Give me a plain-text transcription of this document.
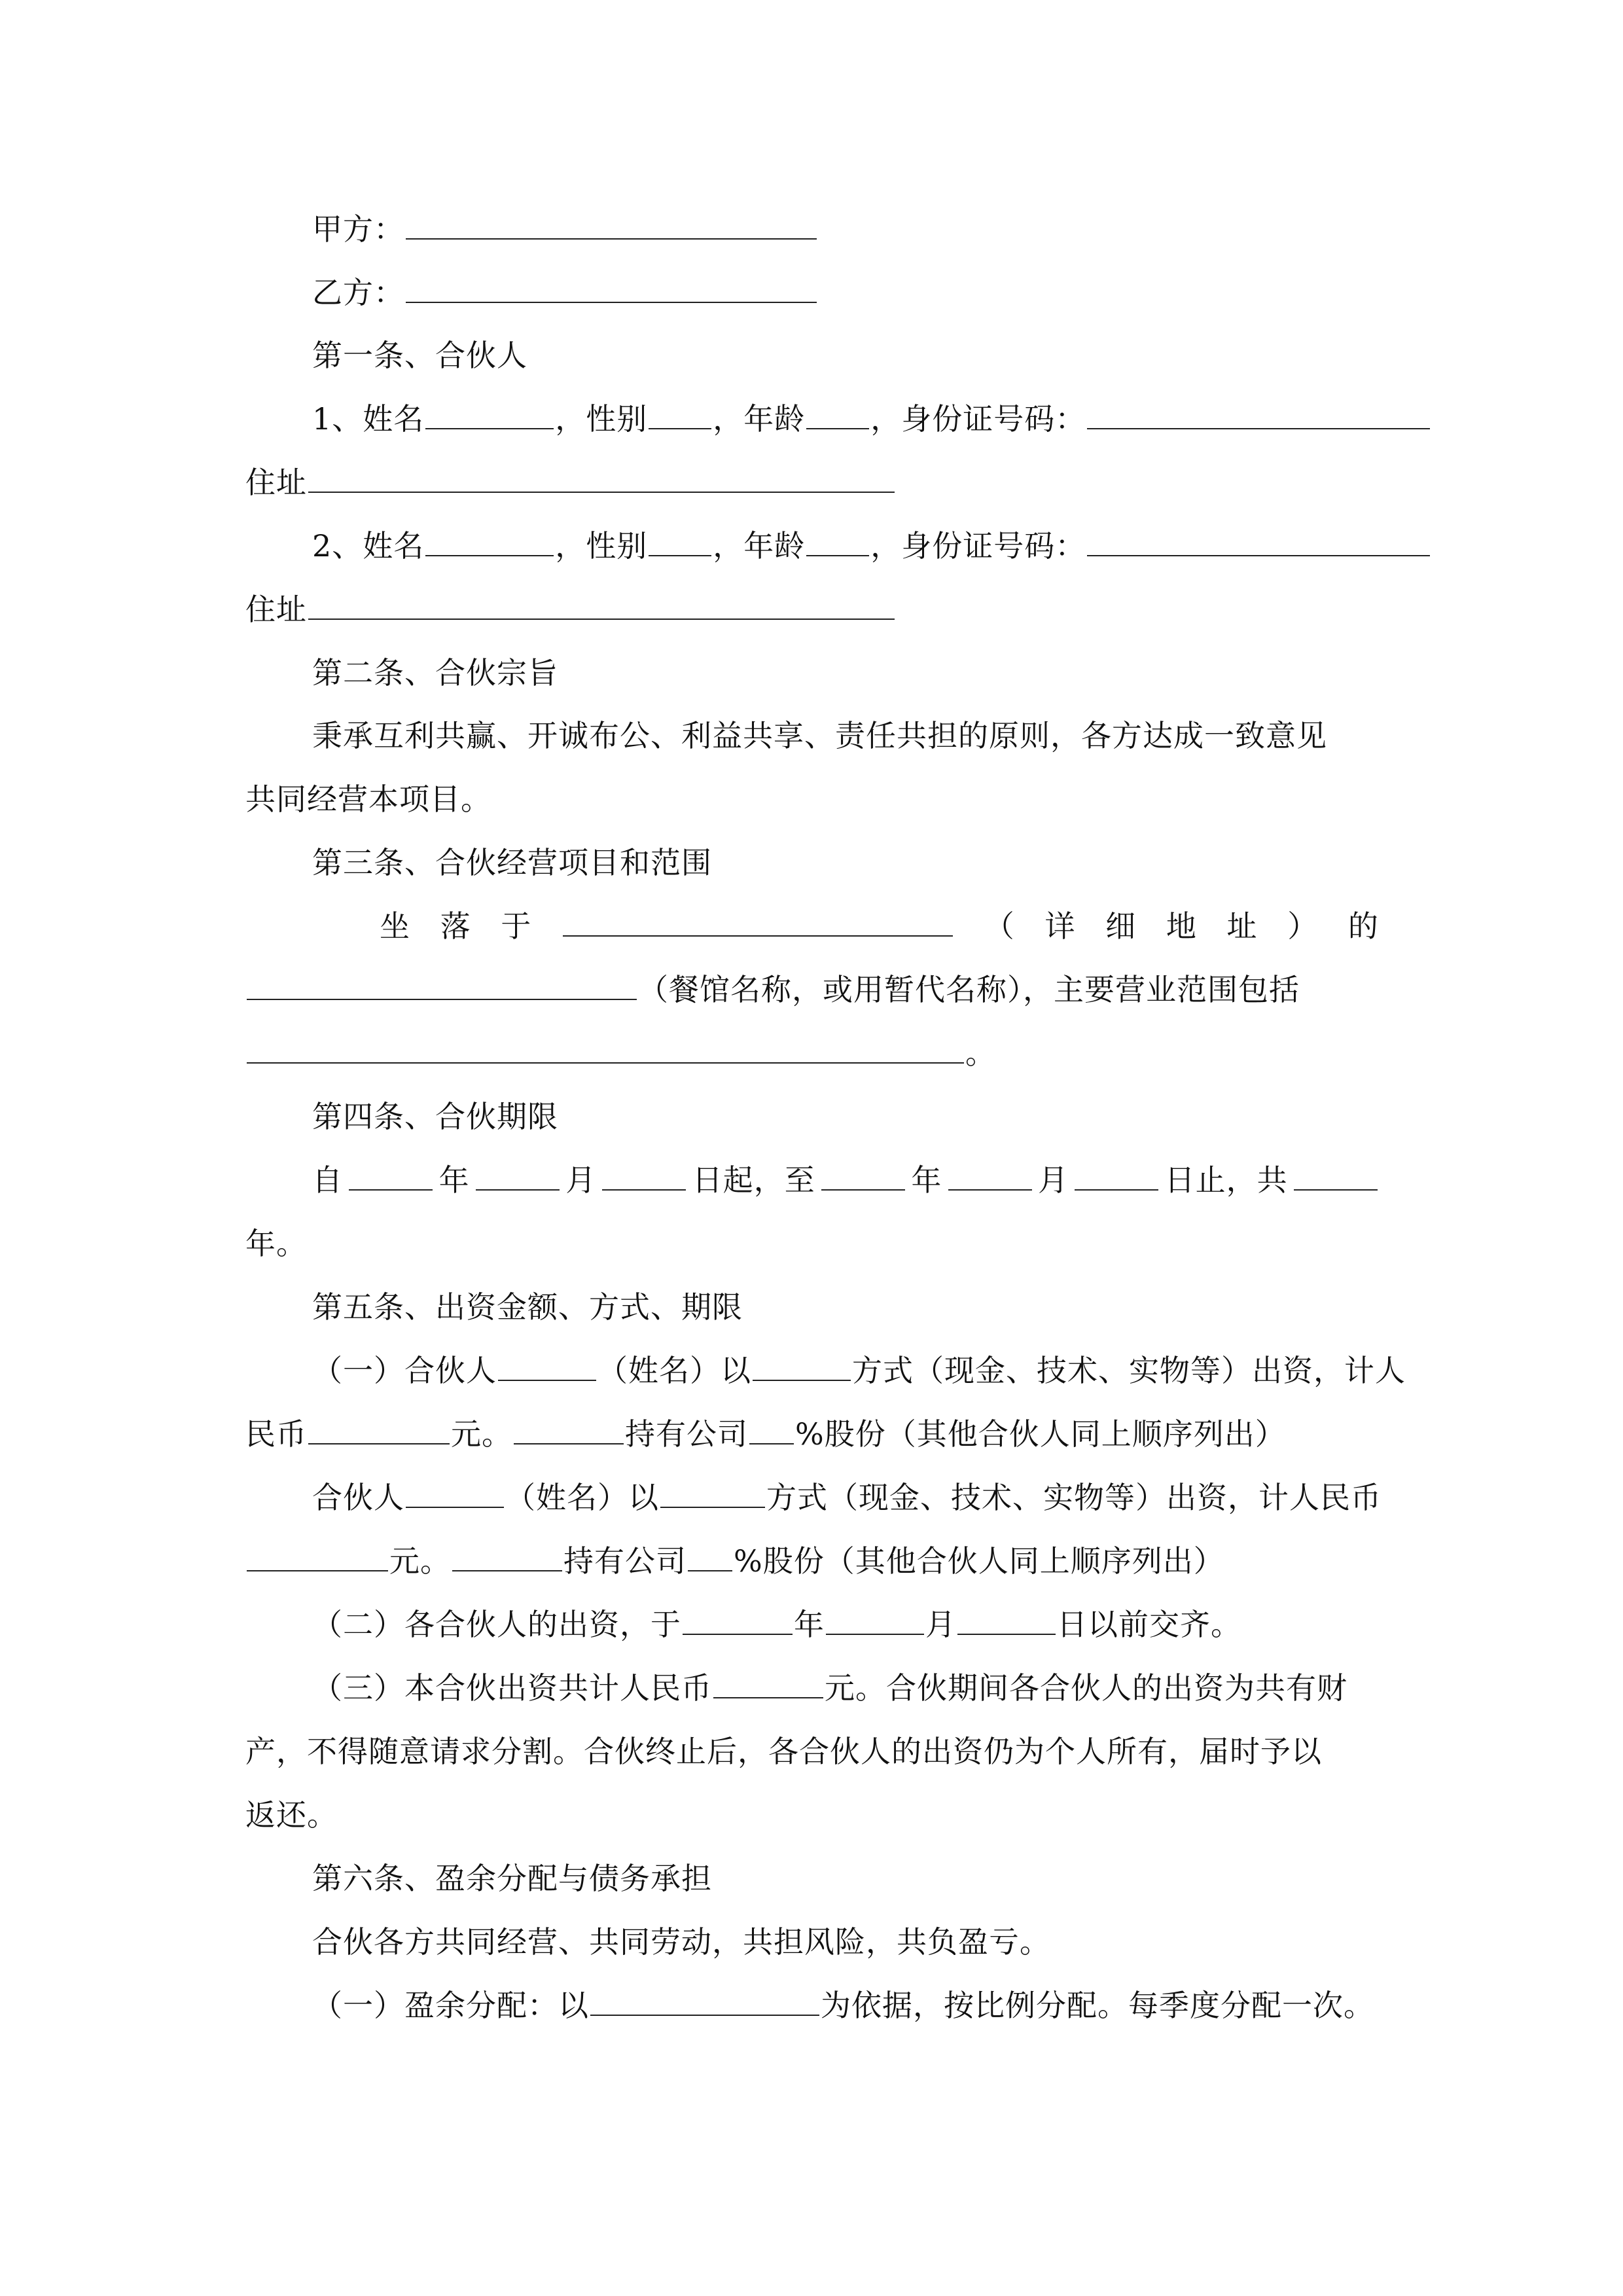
甲方：
乙方：
第一条、合伙人
1、姓名	，性别 ，年龄 ，身份证号码：
住址
2、姓名	，性别 ，年龄 ，身份证号码：
住址
第二条、合伙宗旨
秉承互利共赢、开诚布公、利益共享、责任共担的原则，各方达成一致意见
共同经营本项目。
第三条、合伙经营项目和范围
坐 落 于	（ 详 细 地 址 ） 的
（餐馆名称，或用暂代名称），主要营业范围包括
。
第四条、合伙期限
自	年	月	日起，至	年	月	日止，共
年。
第五条、出资金额、方式、期限
（一）合伙人	（姓名）以	方式（现金、技术、实物等）出资，计人
民币	元。	持有公司 %股份（其他合伙人同上顺序列出）
合伙人	（姓名）以	方式（现金、技术、实物等）出资，计人民币
元。	持有公司 %股份（其他合伙人同上顺序列出）
（二）各合伙人的出资，于	年	月	日以前交齐。
（三）本合伙出资共计人民币	元。合伙期间各合伙人的出资为共有财
产，不得随意请求分割。合伙终止后，各合伙人的出资仍为个人所有，届时予以
返还。
第六条、盈余分配与债务承担
合伙各方共同经营、共同劳动，共担风险，共负盈亏。
（一）盈余分配：以	为依据，按比例分配。每季度分配一次。
